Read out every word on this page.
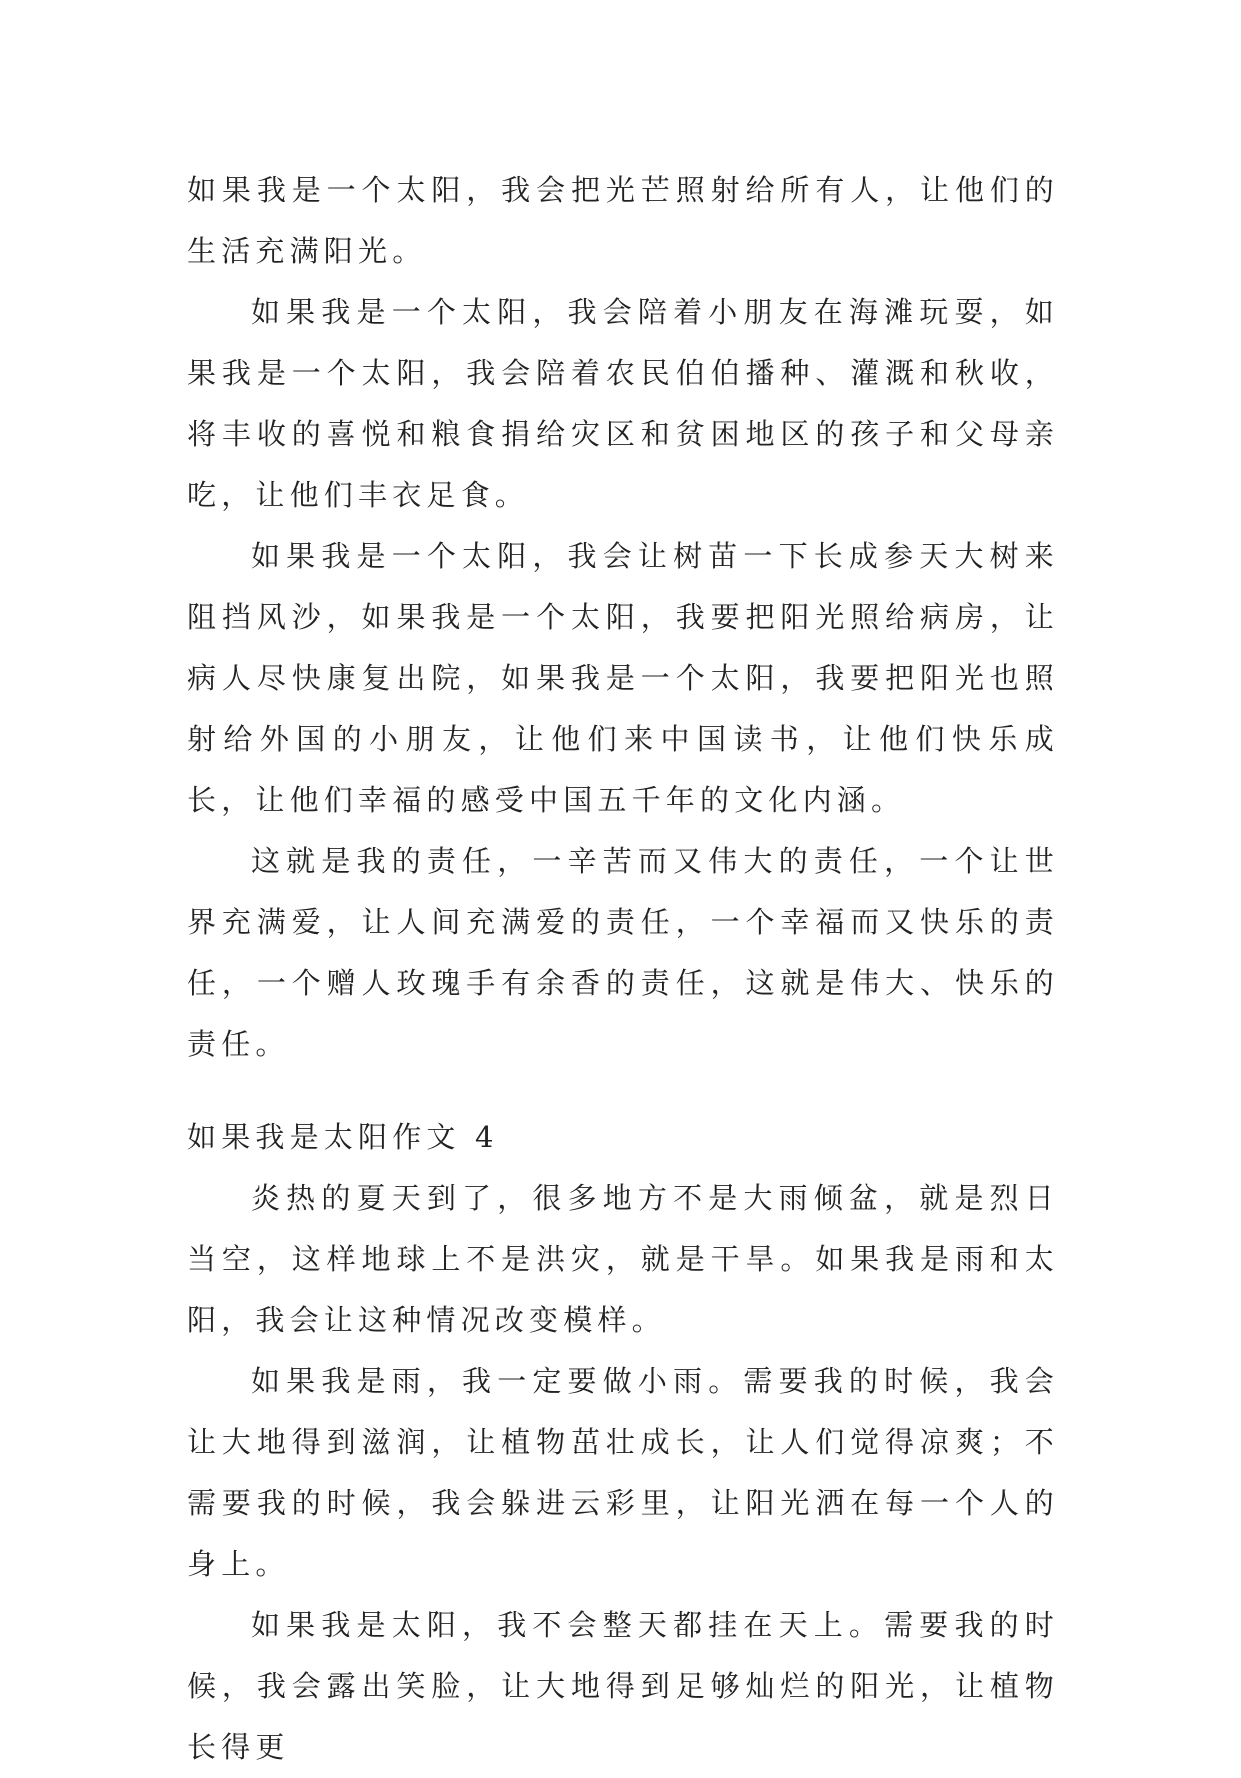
如果我是一个太阳，我会把光芒照射给所有人，让他们的生活充满阳光。

如果我是一个太阳，我会陪着小朋友在海滩玩耍，如果我是一个太阳，我会陪着农民伯伯播种、灌溉和秋收，将丰收的喜悦和粮食捐给灾区和贫困地区的孩子和父母亲吃，让他们丰衣足食。

如果我是一个太阳，我会让树苗一下长成参天大树来阻挡风沙，如果我是一个太阳，我要把阳光照给病房，让病人尽快康复出院，如果我是一个太阳，我要把阳光也照射给外国的小朋友，让他们来中国读书，让他们快乐成长，让他们幸福的感受中国五千年的文化内涵。

这就是我的责任，一辛苦而又伟大的责任，一个让世界充满爱，让人间充满爱的责任，一个幸福而又快乐的责任，一个赠人玫瑰手有余香的责任，这就是伟大、快乐的责任。

如果我是太阳作文 4

炎热的夏天到了，很多地方不是大雨倾盆，就是烈日当空，这样地球上不是洪灾，就是干旱。如果我是雨和太阳，我会让这种情况改变模样。

如果我是雨，我一定要做小雨。需要我的时候，我会让大地得到滋润，让植物茁壮成长，让人们觉得凉爽；不需要我的时候，我会躲进云彩里，让阳光洒在每一个人的身上。

如果我是太阳，我不会整天都挂在天上。需要我的时候，我会露出笑脸，让大地得到足够灿烂的阳光，让植物长得更
